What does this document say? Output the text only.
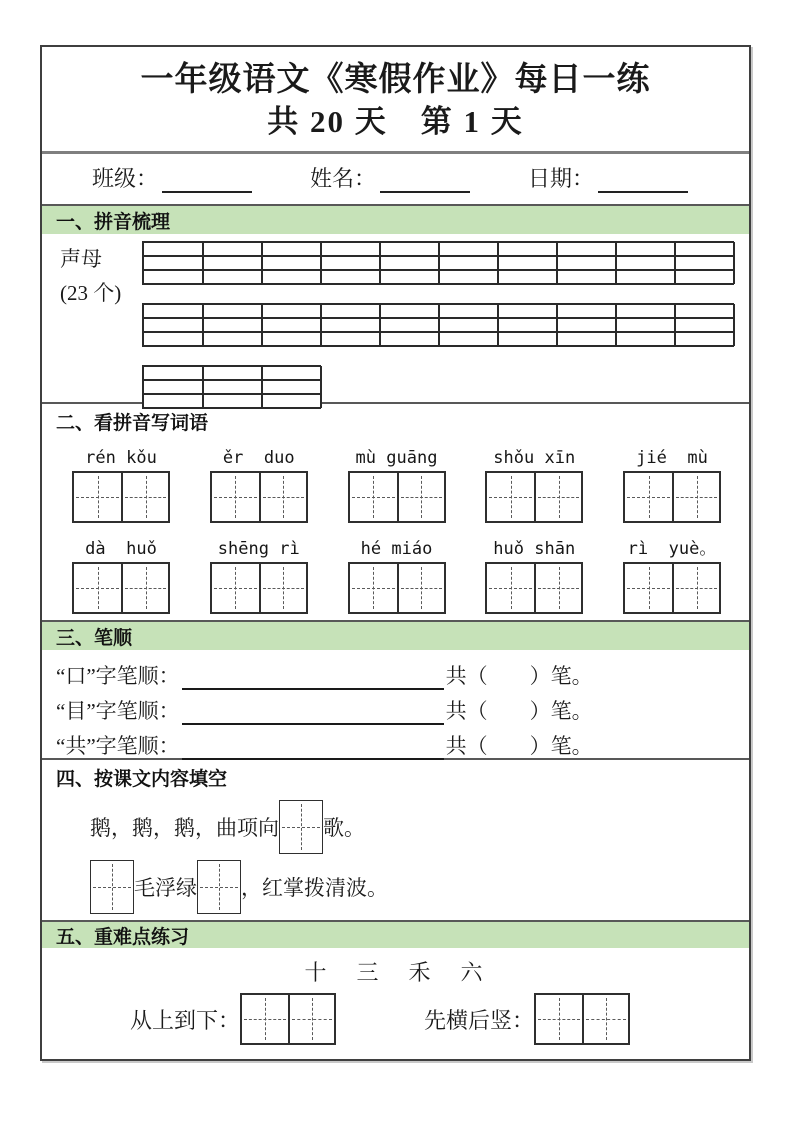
一年级语文《寒假作业》每日一练
共 20 天　第 1 天
班级：	姓名：	日期：
一、拼音梳理
声母
(23 个)
二、看拼音写词语
rén kǒu	ěr  duo	mù guāng	shǒu xīn	jié  mù
dà  huǒ	shēng rì	hé miáo	huǒ shān	rì  yuè。
三、笔顺
“口”字笔顺：	共（　　）笔。
“目”字笔顺：	共（　　）笔。
“共”字笔顺：	共（　　）笔。
四、按课文内容填空
鹅，鹅，鹅，曲项向 歌。
毛浮绿 ，红掌拨清波。
五、重难点练习
十　三　禾　六
从上到下：	先横后竖：
